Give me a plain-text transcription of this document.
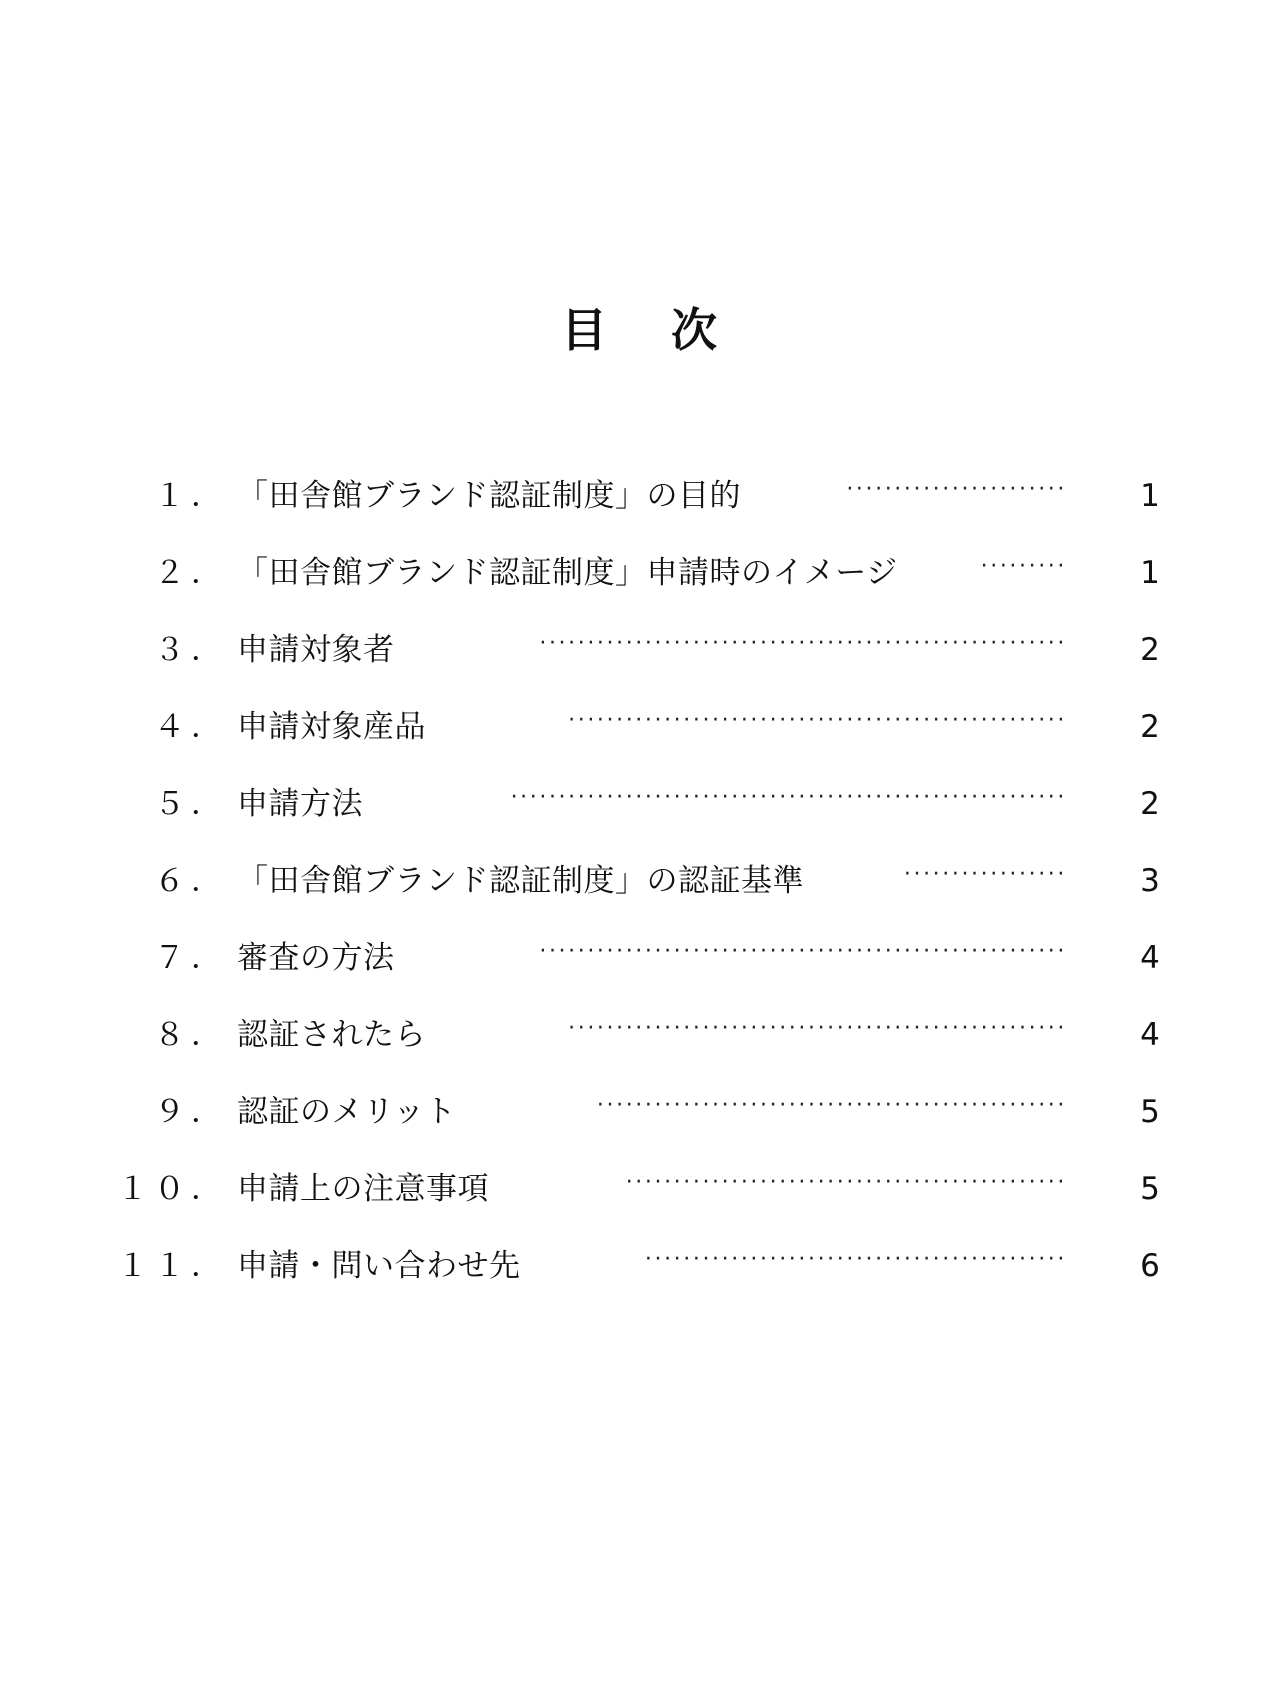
目 次
１． 「田舎館ブランド認証制度」の目的	······················· 1
２． 「田舎館ブランド認証制度」申請時のイメージ	········· 1
３． 申請対象者	······················································· 2
４． 申請対象産品	···················································· 2
５． 申請方法	·························································· 2
６． 「田舎館ブランド認証制度」の認証基準	················· 3
７． 審査の方法	······················································· 4
８． 認証されたら	···················································· 4
９． 認証のメリット	················································· 5
１０． 申請上の注意事項	·············································· 5
１１． 申請・問い合わせ先	············································ 6
